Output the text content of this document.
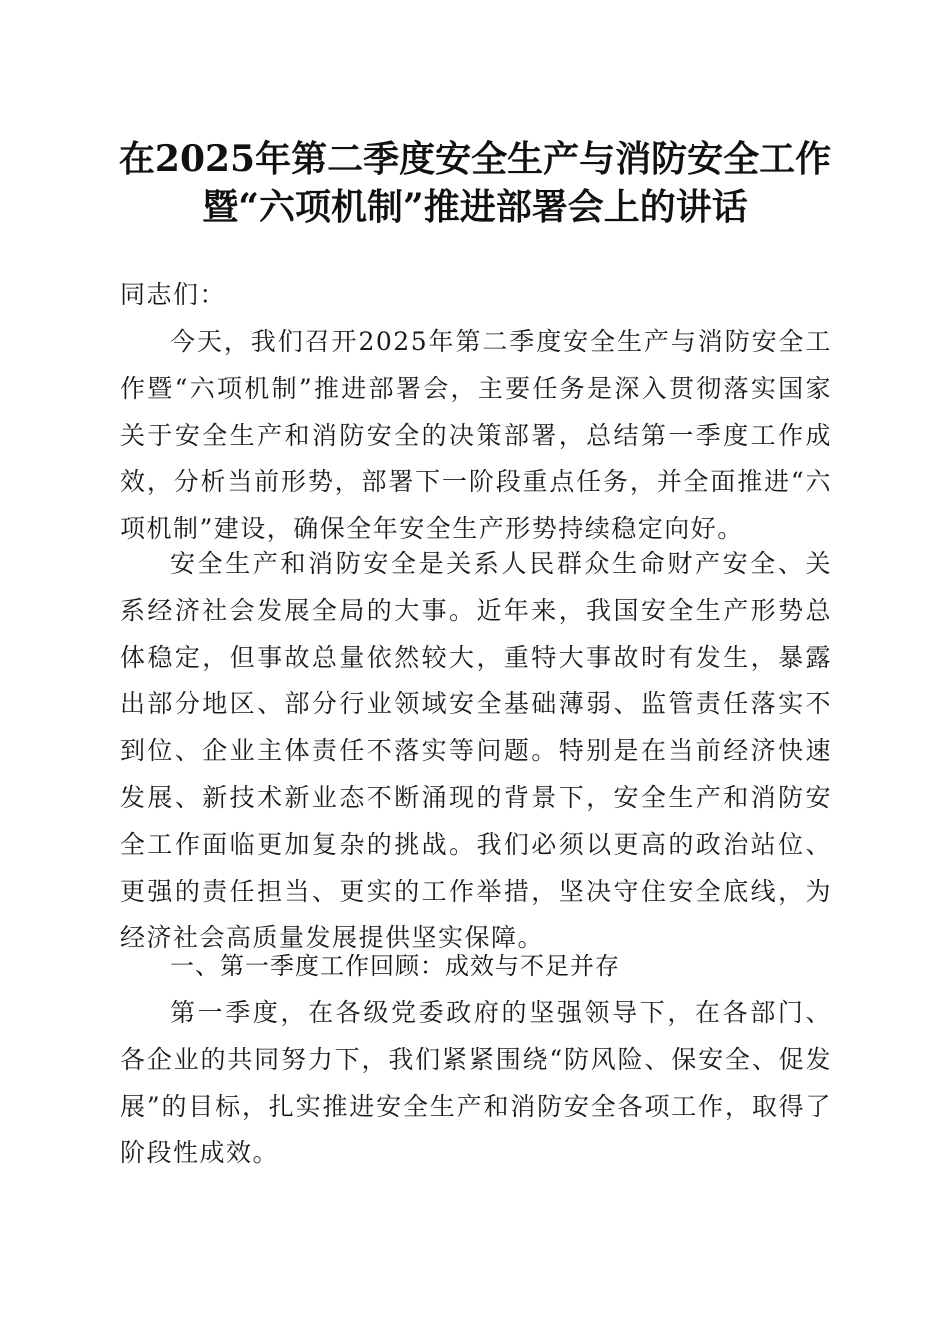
在2025年第二季度安全生产与消防安全工作
暨“六项机制”推进部署会上的讲话
同志们：
今天，我们召开2025年第二季度安全生产与消防安全工作暨“六项机制”推进部署会，主要任务是深入贯彻落实国家关于安全生产和消防安全的决策部署，总结第一季度工作成效，分析当前形势，部署下一阶段重点任务，并全面推进“六项机制”建设，确保全年安全生产形势持续稳定向好。
安全生产和消防安全是关系人民群众生命财产安全、关系经济社会发展全局的大事。近年来，我国安全生产形势总体稳定，但事故总量依然较大，重特大事故时有发生，暴露出部分地区、部分行业领域安全基础薄弱、监管责任落实不到位、企业主体责任不落实等问题。特别是在当前经济快速发展、新技术新业态不断涌现的背景下，安全生产和消防安全工作面临更加复杂的挑战。我们必须以更高的政治站位、更强的责任担当、更实的工作举措，坚决守住安全底线，为经济社会高质量发展提供坚实保障。
一、第一季度工作回顾：成效与不足并存
第一季度，在各级党委政府的坚强领导下，在各部门、各企业的共同努力下，我们紧紧围绕“防风险、保安全、促发展”的目标，扎实推进安全生产和消防安全各项工作，取得了阶段性成效。
